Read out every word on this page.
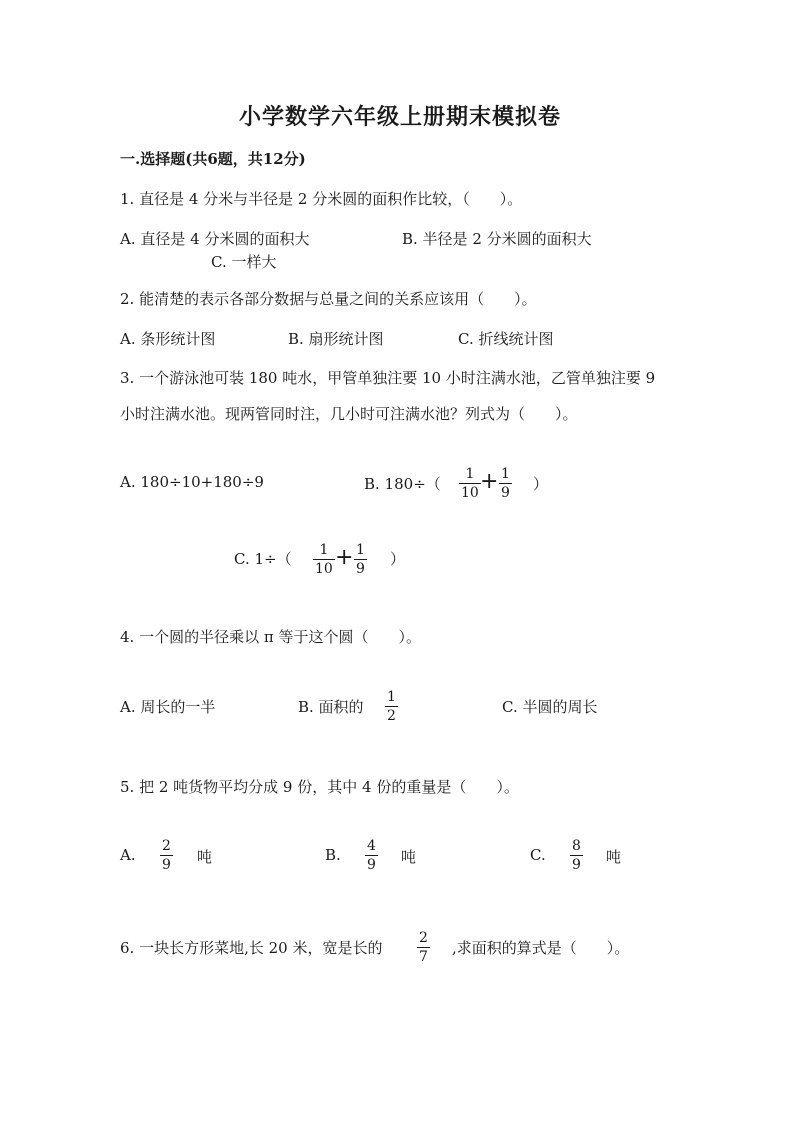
小学数学六年级上册期末模拟卷
一.选择题(共6题，共12分)
1. 直径是 4 分米与半径是 2 分米圆的面积作比较，（　　）。
A. 直径是 4 分米圆的面积大	B. 半径是 2 分米圆的面积大
C. 一样大
2. 能清楚的表示各部分数据与总量之间的关系应该用（　　）。
A. 条形统计图	B. 扇形统计图	C. 折线统计图
3. 一个游泳池可装 180 吨水，甲管单独注要 10 小时注满水池，乙管单独注要 9
小时注满水池。现两管同时注，几小时可注满水池？列式为（　　）。
A. 180÷10+180÷9	B. $180\div( \frac{1}{10} + \frac{1}{9}$ ）
C. $1\div( \frac{1}{10} + \frac{1}{9}$ ）
4. 一个圆的半径乘以 π 等于这个圆（　　）。
A. 周长的一半	B. 面积的 $\frac{1}{2}$	C. 半圆的周长
5. 把 2 吨货物平均分成 9 份，其中 4 份的重量是（　　）。
A. $\frac{2}{9}$ 吨	B. $\frac{4}{9}$ 吨	C. $\frac{8}{9}$ 吨
6. 一块长方形菜地,长 20 米，宽是长的 $\frac{2}{7}$ ,求面积的算式是（　　）。
